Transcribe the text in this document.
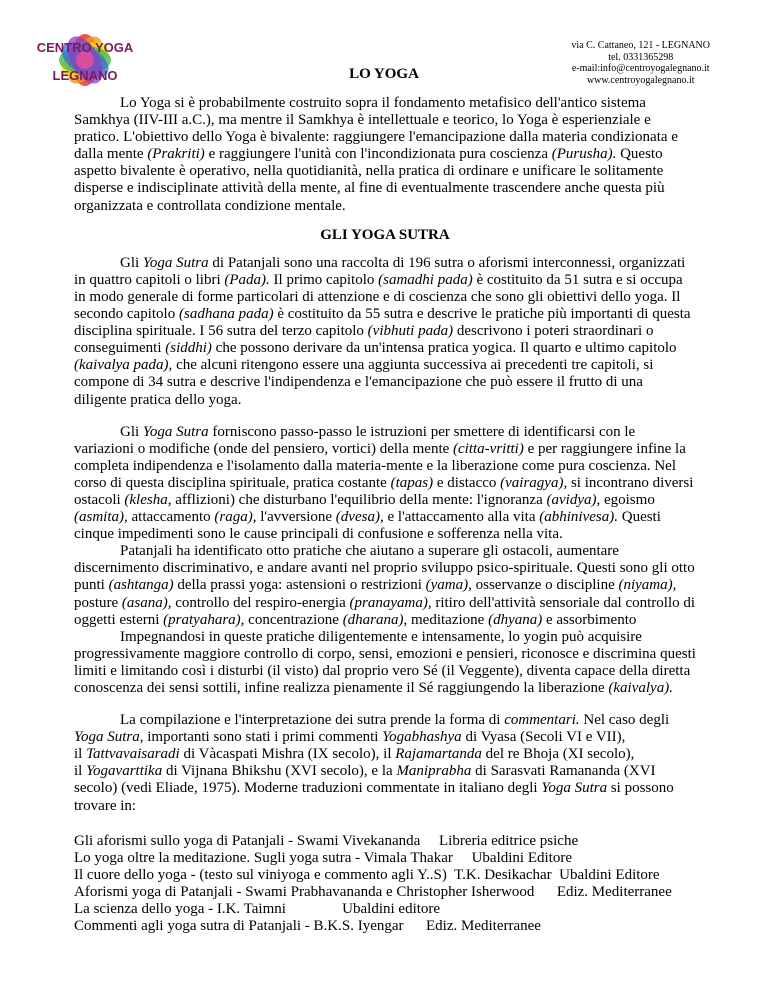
CENTRO YOGA
LEGNANO	LO YOGA
via C. Cattaneo, 121 - LEGNANO
tel. 0331365298
e-mail:info@centroyogalegnano.it
www.centroyogalegnano.it

Lo Yoga si è probabilmente costruito sopra il fondamento metafisico dell'antico sistema Samkhya (IIV-III a.C.), ma mentre il Samkhya è intellettuale e teorico, lo Yoga è esperienziale e pratico. L'obiettivo dello Yoga è bivalente: raggiungere l'emancipazione dalla materia condizionata e dalla mente (Prakriti) e raggiungere l'unità con l'incondizionata pura coscienza (Purusha). Questo aspetto bivalente è operativo, nella quotidianità, nella pratica di ordinare e unificare le solitamente disperse e indisciplinate attività della mente, al fine di eventualmente trascendere anche questa più organizzata e controllata condizione mentale.

GLI YOGA SUTRA

Gli Yoga Sutra di Patanjali sono una raccolta di 196 sutra o aforismi interconnessi, organizzati in quattro capitoli o libri (Pada). Il primo capitolo (samadhi pada) è costituito da 51 sutra e si occupa in modo generale di forme particolari di attenzione e di coscienza che sono gli obiettivi dello yoga. Il secondo capitolo (sadhana pada) è costituito da 55 sutra e descrive le pratiche più importanti di questa disciplina spirituale. I 56 sutra del terzo capitolo (vibhuti pada) descrivono i poteri straordinari o conseguimenti (siddhi) che possono derivare da un'intensa pratica yogica. Il quarto e ultimo capitolo (kaivalya pada), che alcuni ritengono essere una aggiunta successiva ai precedenti tre capitoli, si compone di 34 sutra e descrive l'indipendenza e l'emancipazione che può essere il frutto di una diligente pratica dello yoga.

Gli Yoga Sutra forniscono passo-passo le istruzioni per smettere di identificarsi con le variazioni o modifiche (onde del pensiero, vortici) della mente (citta-vritti) e per raggiungere infine la completa indipendenza e l'isolamento dalla materia-mente e la liberazione come pura coscienza. Nel corso di questa disciplina spirituale, pratica costante (tapas) e distacco (vairagya), si incontrano diversi ostacoli (klesha, afflizioni) che disturbano l'equilibrio della mente: l'ignoranza (avidya), egoismo (asmita), attaccamento (raga), l'avversione (dvesa), e l'attaccamento alla vita (abhinivesa). Questi cinque impedimenti sono le cause principali di confusione e sofferenza nella vita.

Patanjali ha identificato otto pratiche che aiutano a superare gli ostacoli, aumentare discernimento discriminativo, e andare avanti nel proprio sviluppo psico-spirituale. Questi sono gli otto punti (ashtanga) della prassi yoga: astensioni o restrizioni (yama), osservanze o discipline (niyama), posture (asana), controllo del respiro-energia (pranayama), ritiro dell'attività sensoriale dal controllo di oggetti esterni (pratyahara), concentrazione (dharana), meditazione (dhyana) e assorbimento

Impegnandosi in queste pratiche diligentemente e intensamente, lo yogin può acquisire progressivamente maggiore controllo di corpo, sensi, emozioni e pensieri, riconosce e discrimina questi limiti e limitando così i disturbi (il visto) dal proprio vero Sé (il Veggente), diventa capace della diretta conoscenza dei sensi sottili, infine realizza pienamente il Sé raggiungendo la liberazione (kaivalya).

La compilazione e l'interpretazione dei sutra prende la forma di commentari. Nel caso degli
Yoga Sutra, importanti sono stati i primi commenti Yogabhashya di Vyasa (Secoli VI e VII),
il Tattvavaisaradi di Vàcaspati Mishra (IX secolo), il Rajamartanda del re Bhoja (XI secolo),
il Yogavarttika di Vijnana Bhikshu (XVI secolo), e la Maniprabha di Sarasvati Ramananda (XVI secolo) (vedi Eliade, 1975). Moderne traduzioni commentate in italiano degli Yoga Sutra si possono trovare in:

Gli aforismi sullo yoga di Patanjali - Swami Vivekananda     Libreria editrice psiche

Lo yoga oltre la meditazione. Sugli yoga sutra - Vimala Thakar     Ubaldini Editore

Il cuore dello yoga - (testo sul viniyoga e commento agli Y..S)  T.K. Desikachar  Ubaldini Editore

Aforismi yoga di Patanjali - Swami Prabhavananda e Christopher Isherwood      Ediz. Mediterranee

La scienza dello yoga - I.K. Taimni               Ubaldini editore

Commenti agli yoga sutra di Patanjali - B.K.S. Iyengar      Ediz. Mediterranee
